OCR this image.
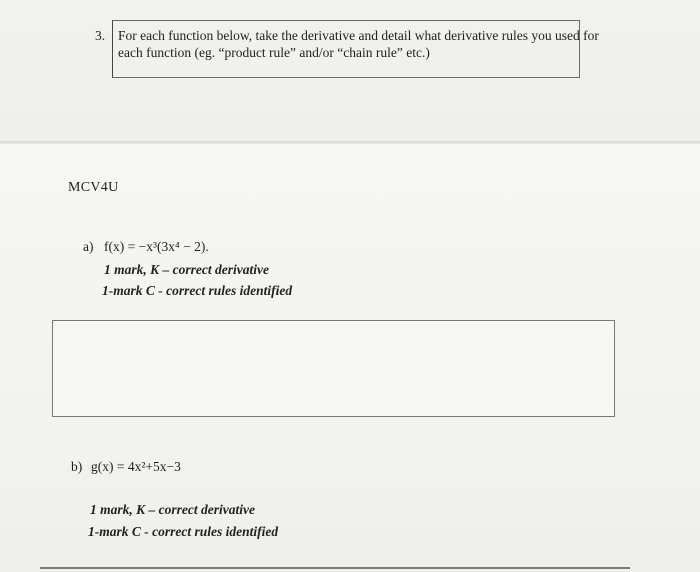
3. For each function below, take the derivative and detail what derivative rules you used for each function (eg. “product rule” and/or “chain rule” etc.)
MCV4U
a) f(x) = −x³(3x⁴ − 2).
1 mark, K – correct derivative
1-mark C - correct rules identified
b) g(x) = 4x²+5x−3
1 mark, K – correct derivative
1-mark C - correct rules identified
